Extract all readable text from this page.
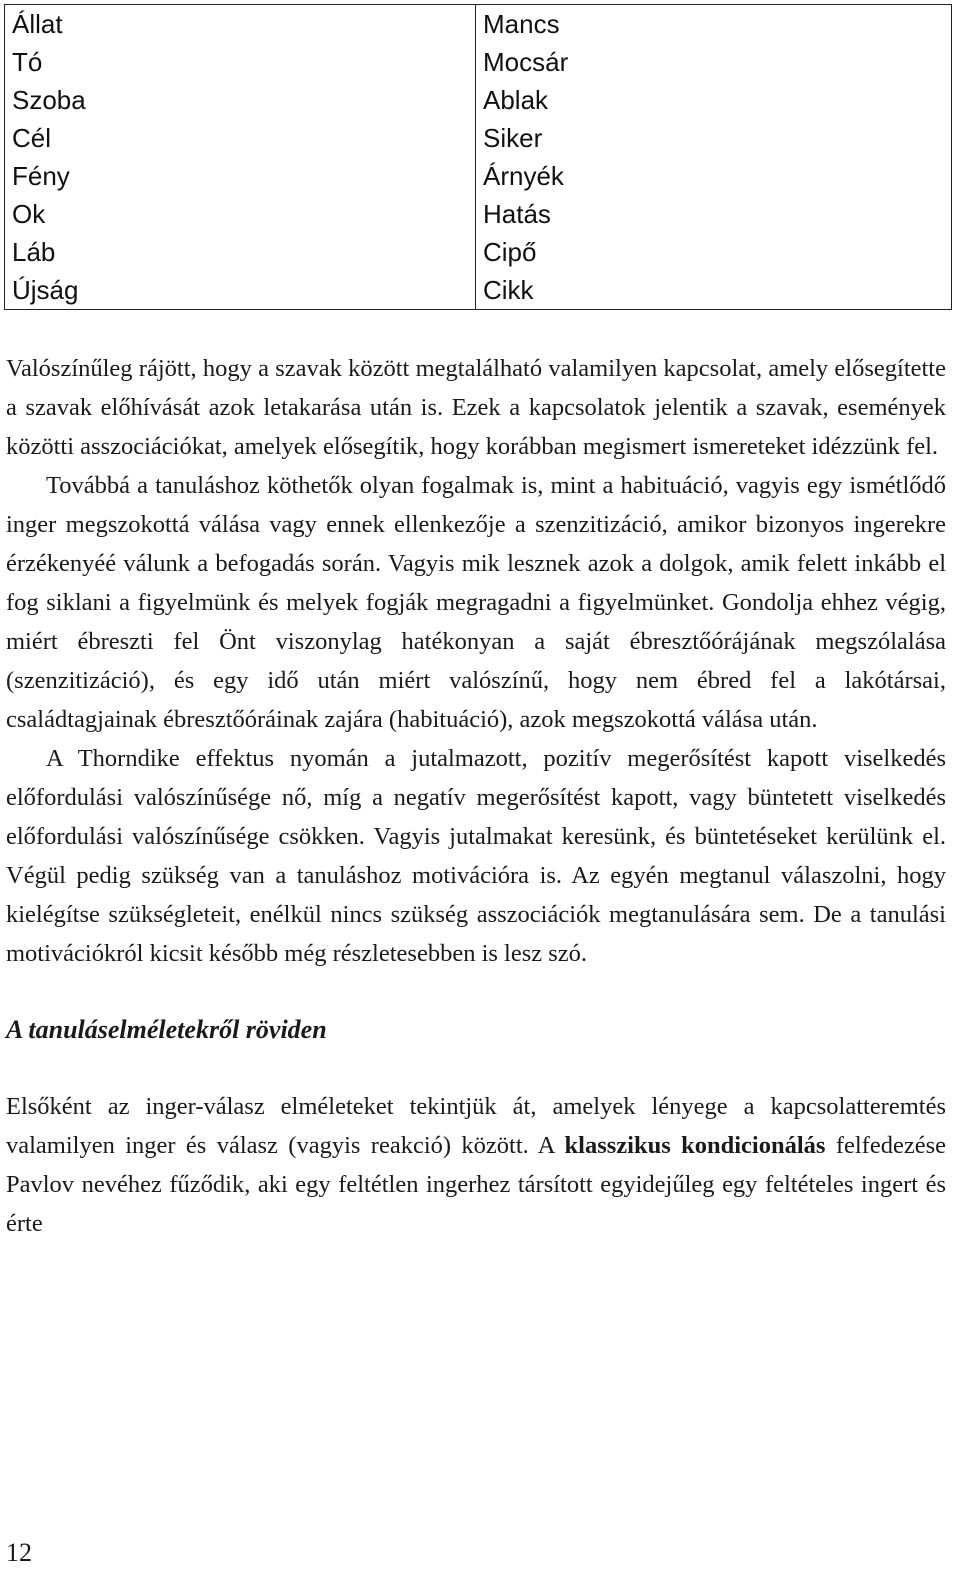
Állat	Mancs
Tó	Mocsár
Szoba	Ablak
Cél	Siker
Fény	Árnyék
Ok	Hatás
Láb	Cipő
Újság	Cikk

Valószínűleg rájött, hogy a szavak között megtalálható valamilyen kapcsolat, amely elősegítette a szavak előhívását azok letakarása után is. Ezek a kapcsolatok jelentik a szavak, események közötti asszociációkat, amelyek elősegítik, hogy korábban megismert ismereteket idézzünk fel.

Továbbá a tanuláshoz köthetők olyan fogalmak is, mint a habituáció, vagyis egy ismétlődő inger megszokottá válása vagy ennek ellenkezője a szenzitizáció, amikor bizonyos ingerekre érzékenyéé válunk a befogadás során. Vagyis mik lesznek azok a dolgok, amik felett inkább el fog siklani a figyelmünk és melyek fogják megragadni a figyelmünket. Gondolja ehhez végig, miért ébreszti fel Önt viszonylag hatékonyan a saját ébresztőórájának megszólalása (szenzitizáció), és egy idő után miért valószínű, hogy nem ébred fel a lakótársai, családtagjainak ébresztőóráinak zajára (habituáció), azok megszokottá válása után.

A Thorndike effektus nyomán a jutalmazott, pozitív megerősítést kapott viselkedés előfordulási valószínűsége nő, míg a negatív megerősítést kapott, vagy büntetett viselkedés előfordulási valószínűsége csökken. Vagyis jutalmakat keresünk, és büntetéseket kerülünk el. Végül pedig szükség van a tanuláshoz motivációra is. Az egyén megtanul válaszolni, hogy kielégítse szükségleteit, enélkül nincs szükség asszociációk megtanulására sem. De a tanulási motivációkról kicsit később még részletesebben is lesz szó.

A tanuláselméletekről röviden

Elsőként az inger-válasz elméleteket tekintjük át, amelyek lényege a kapcsolatteremtés valamilyen inger és válasz (vagyis reakció) között. A klasszikus kondicionálás felfedezése Pavlov nevéhez fűződik, aki egy feltétlen ingerhez társított egyidejűleg egy feltételes ingert és érte

12
